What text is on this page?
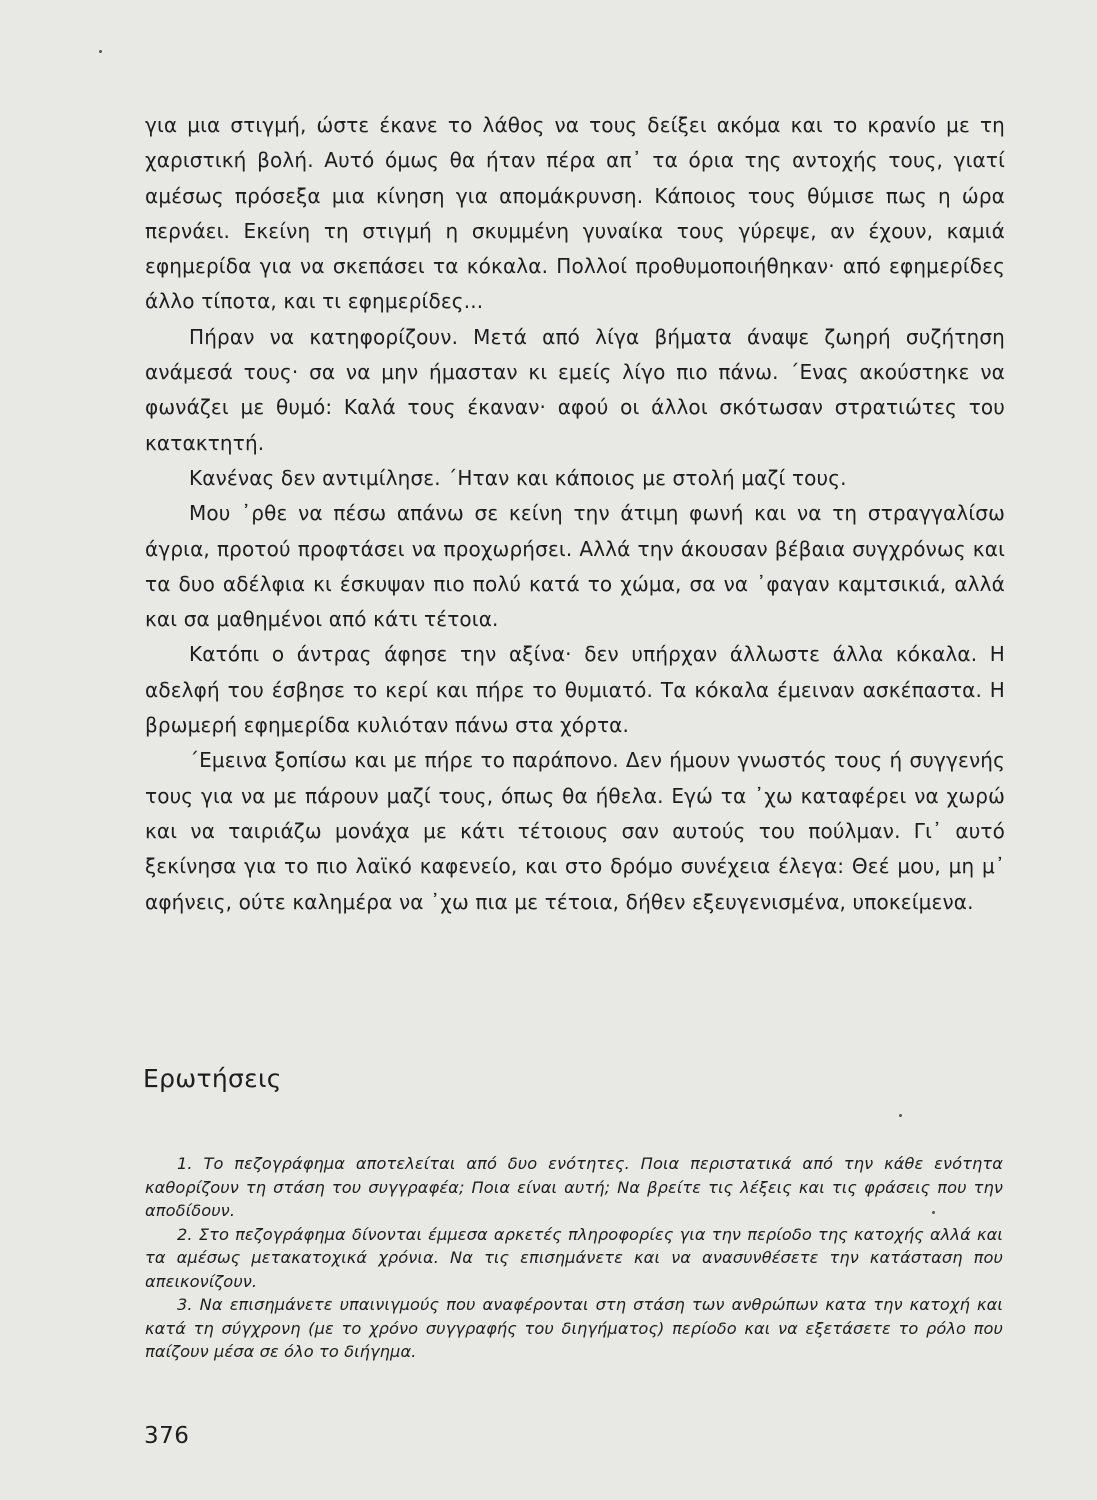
για μια στιγμή, ώστε έκανε το λάθος να τους δείξει ακόμα και το κρανίο με τη χαριστική βολή. Αυτό όμως θα ήταν πέρα απ᾽ τα όρια της αντοχής τους, γιατί αμέσως πρόσεξα μια κίνηση για απομάκρυνση. Κάποιος τους θύμισε πως η ώρα περνάει. Εκείνη τη στιγμή η σκυμμένη γυναίκα τους γύρεψε, αν έχουν, καμιά εφημερίδα για να σκεπάσει τα κόκαλα. Πολλοί προθυμοποιήθηκαν· από εφημερίδες άλλο τίποτα, και τι εφημερίδες...

Πήραν να κατηφορίζουν. Μετά από λίγα βήματα άναψε ζωηρή συζήτηση ανάμεσά τους· σα να μην ήμασταν κι εμείς λίγο πιο πάνω. ΄Ενας ακούστηκε να φωνάζει με θυμό: Καλά τους έκαναν· αφού οι άλλοι σκότωσαν στρατιώτες του κατακτητή.

Κανένας δεν αντιμίλησε. ΄Ηταν και κάποιος με στολή μαζί τους.

Μου ᾽ρθε να πέσω απάνω σε κείνη την άτιμη φωνή και να τη στραγγαλίσω άγρια, προτού προφτάσει να προχωρήσει. Αλλά την άκουσαν βέβαια συγχρόνως και τα δυο αδέλφια κι έσκυψαν πιο πολύ κατά το χώμα, σα να ᾽φαγαν καμτσικιά, αλλά και σα μαθημένοι από κάτι τέτοια.

Κατόπι ο άντρας άφησε την αξίνα· δεν υπήρχαν άλλωστε άλλα κόκαλα. Η αδελφή του έσβησε το κερί και πήρε το θυμιατό. Τα κόκαλα έμειναν ασκέπαστα. Η βρωμερή εφημερίδα κυλιόταν πάνω στα χόρτα.

΄Εμεινα ξοπίσω και με πήρε το παράπονο. Δεν ήμουν γνωστός τους ή συγγενής τους για να με πάρουν μαζί τους, όπως θα ήθελα. Εγώ τα ᾽χω καταφέρει να χωρώ και να ταιριάζω μονάχα με κάτι τέτοιους σαν αυτούς του πούλμαν. Γι᾽ αυτό ξεκίνησα για το πιο λαϊκό καφενείο, και στο δρόμο συνέχεια έλεγα: Θεέ μου, μη μ᾽ αφήνεις, ούτε καλημέρα να ᾽χω πια με τέτοια, δήθεν εξευγενισμένα, υποκείμενα.

Ερωτήσεις

1. Το πεζογράφημα αποτελείται από δυο ενότητες. Ποια περιστατικά από την κάθε ενότητα καθορίζουν τη στάση του συγγραφέα; Ποια είναι αυτή; Να βρείτε τις λέξεις και τις φράσεις που την αποδίδουν.

2. Στο πεζογράφημα δίνονται έμμεσα αρκετές πληροφορίες για την περίοδο της κατοχής αλλά και τα αμέσως μετακατοχικά χρόνια. Να τις επισημάνετε και να ανασυνθέσετε την κατάσταση που απεικονίζουν.

3. Να επισημάνετε υπαινιγμούς που αναφέρονται στη στάση των ανθρώπων κατα την κατοχή και κατά τη σύγχρονη (με το χρόνο συγγραφής του διηγήματος) περίοδο και να εξετάσετε το ρόλο που παίζουν μέσα σε όλο το διήγημα.

376
